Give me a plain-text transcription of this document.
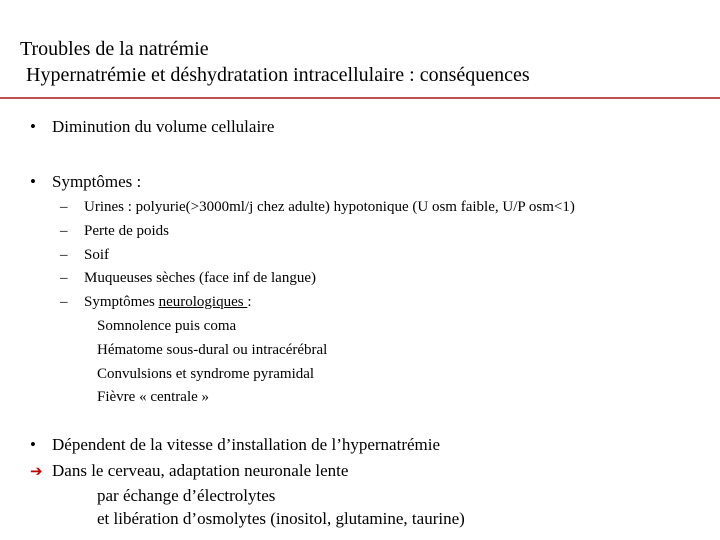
Troubles de la natrémie
Hypernatrémie et déshydratation intracellulaire : conséquences
• Diminution du volume cellulaire
• Symptômes :
– Urines : polyurie(>3000ml/j chez adulte) hypotonique (U osm faible, U/P osm<1)
– Perte de poids
– Soif
– Muqueuses sèches (face inf de langue)
– Symptômes neurologiques :
Somnolence puis coma
Hématome sous-dural ou intracérébral
Convulsions et syndrome pyramidal
Fièvre « centrale »
• Dépendent de la vitesse d’installation de l’hypernatrémie
➔ Dans le cerveau, adaptation neuronale lente
par échange d’électrolytes
et libération d’osmolytes (inositol, glutamine, taurine)
